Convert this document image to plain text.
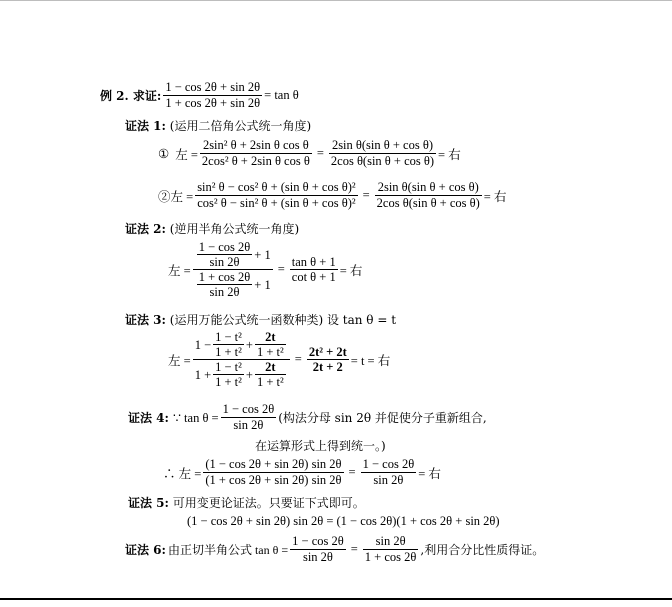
例 2. 求证: $\frac{1 - \cos 2\theta + \sin 2\theta}{1 + \cos 2\theta + \sin 2\theta} = \tan \theta$
证法 1: (运用二倍角公式统一角度)
① 左 = $\frac{\text{2sin² θ + 2sin θ cos θ}}{\text{2cos² θ + 2sin θ cos θ}} = \frac{\text{2sin θ(sin θ + cos θ)}}{\text{2cos θ(sin θ + cos θ)}}$ = 右
②左 = $\frac{\text{sin² θ − cos² θ + (sin θ + cos θ)²}}{\text{cos² θ − sin² θ + (sin θ + cos θ)²}} = \frac{\text{2sin θ(sin θ + cos θ)}}{\text{2cos θ(sin θ + cos θ)}}$ = 右
证法 2: (逆用半角公式统一角度)
左 = $\frac{\frac{1 - \cos 2\theta}{\sin 2\theta} + 1}{\frac{1 + \cos 2\theta}{\sin 2\theta} + 1} = \frac{\text{tan θ + 1}}{\text{cot θ + 1}}$ = 右
证法 3: (运用万能公式统一函数种类) 设 tan θ = t
左 =
$1 - \frac{\text{1 − t²}}{\text{1 + t²}} + \frac{2t}{\text{1 + t²}}$
$1 + \frac{\text{1 − t²}}{\text{1 + t²}} + \frac{2t}{\text{1 + t²}}$
= $\frac{\text{2t² + 2t}}{2t + 2} = t$ = 右
证法 4: ∵ $\tan \theta = \frac{1 - \cos 2\theta}{\sin 2\theta}$ (构法分母 sin 2θ 并促使分子重新组合,
在运算形式上得到统一。)
∴ 左 = $\frac{(1 - \cos 2\theta + \sin 2\theta) \sin 2\theta}{(1 + \cos 2\theta + \sin 2\theta) \sin 2\theta} = \frac{1 - \cos 2\theta}{\sin 2\theta}$ = 右
证法 5: 可用变更论证法。只要证下式即可。
(1 − cos 2θ + sin 2θ) sin 2θ = (1 − cos 2θ)(1 + cos 2θ + sin 2θ)
证法 6: 由正切半角公式 $\tan \theta = \frac{1 - \cos 2\theta}{\sin 2\theta} = \frac{\sin 2\theta}{1 + \cos 2\theta}$ ,利用合分比性质得证。
